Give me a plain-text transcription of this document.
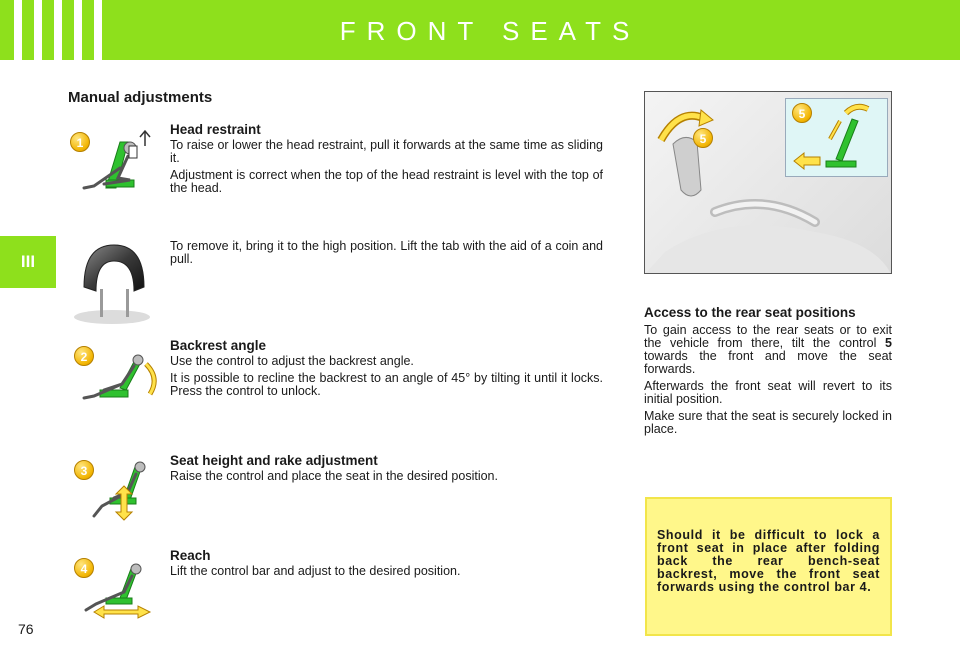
FRONT SEATS
III
Manual adjustments
1
Head restraint

To raise or lower the head restraint, pull it forwards at the same time as sliding it.

Adjustment is correct when the top of the head restraint is level with the top of the head.

To remove it, bring it to the high position. Lift the tab with the aid of a coin and pull.

2
Backrest angle

Use the control to adjust the backrest angle.

It is possible to recline the backrest to an angle of 45° by tilting it until it locks. Press the control to unlock.

3
Seat height and rake adjustment

Raise the control and place the seat in the desired position.

4
Reach

Lift the control bar and adjust to the desired position.

5
5
Access to the rear seat positions

To gain access to the rear seats or to exit the vehicle from there, tilt the control 5 towards the front and move the seat forwards.

Afterwards the front seat will revert to its initial position.

Make sure that the seat is securely locked in place.

Should it be difficult to lock a front seat in place after folding back the rear bench-seat backrest, move the front seat forwards using the control bar 4.

76
